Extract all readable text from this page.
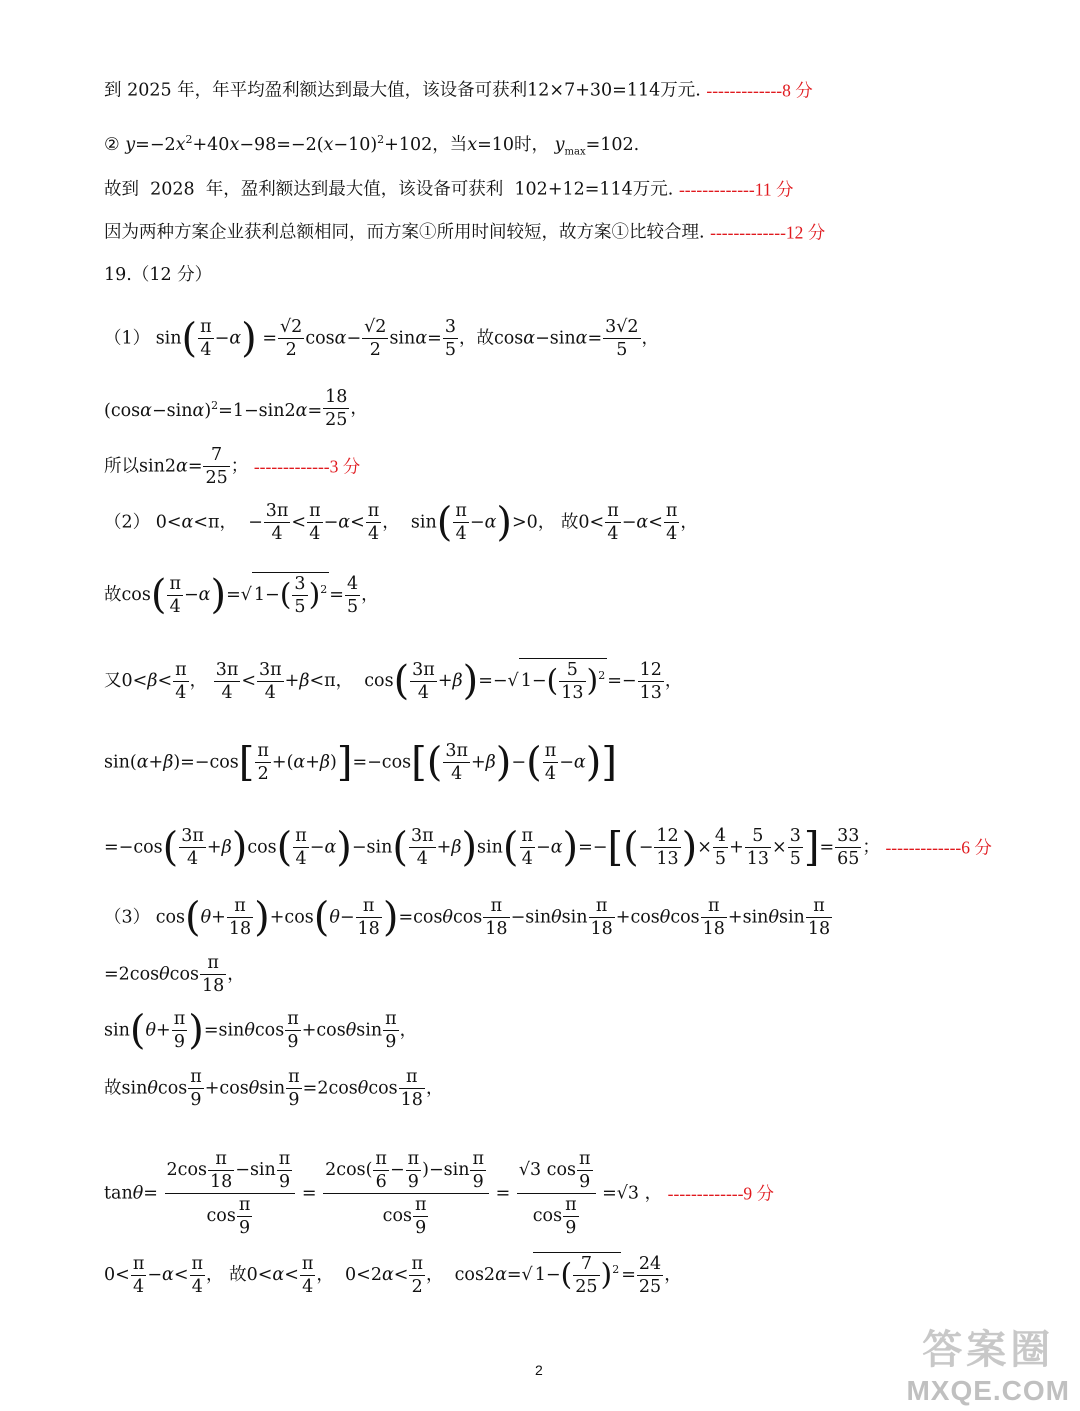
到 2025 年，年平均盈利额达到最大值，该设备可获利12×7+30=114万元. -------------8 分
② $y=-2x^2+40x-98=-2(x-10)^2+102$，当x=10时， $y_{max}=102$.
故到  2028  年，盈利额达到最大值，该设备可获利  102+12=114万元. -------------11 分
因为两种方案企业获利总额相同，而方案①所用时间较短，故方案①比较合理. -------------12 分
19.（12 分）
（1） $\sin( \frac{\pi}{4} -\alpha) = \frac{√2}{2} \cos\alpha- \frac{√2}{2} \sin\alpha= \frac{3}{5}$ ，故$\cos\alpha-\sin\alpha= \frac{3√2}{5}$ ，
$(\cos\alpha-\sin\alpha)^2=1-\sin 2\alpha= \frac{18}{25}$ ，
所以$\sin 2\alpha= \frac{7}{25}$ ； -------------3 分
（2） 0<α<π，  − $\frac{3\pi}{4} < \frac{\pi}{4} -\alpha< \frac{\pi}{4}$ ，  $\sin( \frac{\pi}{4} -\alpha)>0$， 故$0< \frac{\pi}{4} -\alpha< \frac{\pi}{4}$ ，
故$\cos( \frac{\pi}{4} -\alpha)=√$ $1-( \frac{3}{5} )^2 = \frac{4}{5}$ ，
又$0<\beta< \frac{\pi}{4}$ ， $\frac{3\pi}{4} < \frac{3\pi}{4} +\beta<\pi$，  $\cos( \frac{3\pi}{4} +\beta)=-√$ $1-( \frac{5}{13} )^2 =- \frac{12}{13}$ ，
$\sin(\alpha+\beta)=-\cos[ \frac{\pi}{2} +(\alpha+\beta)]=-\cos[( \frac{3\pi}{4} +\beta)-( \frac{\pi}{4} -\alpha)]$
$=-\cos( \frac{3\pi}{4} +\beta)\cos( \frac{\pi}{4} -\alpha)-\sin( \frac{3\pi}{4} +\beta)\sin( \frac{\pi}{4} -\alpha)=-[(- \frac{12}{13}$ )× $\frac{4}{5} + \frac{5}{13} \times \frac{3}{5}$ ]= $\frac{33}{65}$ ； -------------6 分
（3） $\cos(\theta+ \frac{\pi}{18} )+\cos(\theta- \frac{\pi}{18} )=\cos\theta\cos \frac{\pi}{18} -\sin\theta\sin \frac{\pi}{18} +\cos\theta\cos \frac{\pi}{18} +\sin\theta\sin \frac{\pi}{18}$
$=2\cos\theta\cos \frac{\pi}{18}$ ，
$\sin(\theta+ \frac{\pi}{9} )=\sin\theta\cos \frac{\pi}{9} +\cos\theta\sin \frac{\pi}{9}$ ，
故sinθcos $\frac{\pi}{9} +\cos\theta\sin \frac{\pi}{9} =2\cos\theta\cos \frac{\pi}{18}$ ，
$\tan\theta= \frac{2\cos \frac{\pi}{18} -\sin \frac{\pi}{9}}{\cos \frac{\pi}{9}} = \frac{2\cos( \frac{\pi}{6} - \frac{\pi}{9} )-\sin \frac{\pi}{9}}{\cos \frac{\pi}{9}} = \frac{√3 \cos \frac{\pi}{9}}{\cos \frac{\pi}{9}} =√3$ ， -------------9 分
$0< \frac{\pi}{4} -\alpha< \frac{\pi}{4}$ ， 故$0<\alpha< \frac{\pi}{4}$ ，  $0<2\alpha< \frac{\pi}{2}$ ，  cos2α=√ $1-( \frac{7}{25} )^2 = \frac{24}{25}$ ，
2	答案圈
MXQE.COM
